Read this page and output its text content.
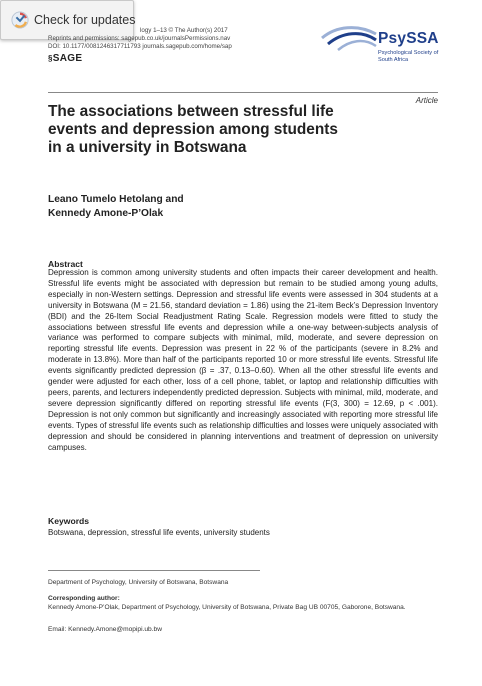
Check for updates
logy 1–13 © The Author(s) 2017
Reprints and permissions: sagepub.co.uk/journalsPermissions.nav
DOI: 10.1177/0081246317711793 journals.sagepub.com/home/sap
§SAGE
PsySSA
Psychological Society of South Africa
Article
The associations between stressful life events and depression among students in a university in Botswana
Leano Tumelo Hetolang and
Kennedy Amone-P’Olak
Abstract
Depression is common among university students and often impacts their career development and health. Stressful life events might be associated with depression but remain to be studied among young adults, especially in non-Western settings. Depression and stressful life events were assessed in 304 students at a university in Botswana (M = 21.56, standard deviation = 1.86) using the 21-item Beck’s Depression Inventory (BDI) and the 26-Item Social Readjustment Rating Scale. Regression models were fitted to study the associations between stressful life events and depression while a one-way between-subjects analysis of variance was performed to compare subjects with minimal, mild, moderate, and severe depression on reporting stressful life events. Depression was present in 22 % of the participants (severe in 8.2% and moderate in 13.8%). More than half of the participants reported 10 or more stressful life events. Stressful life events significantly predicted depression (β = .37, 0.13–0.60). When all the other stressful life events and gender were adjusted for each other, loss of a cell phone, tablet, or laptop and relationship difficulties with peers, parents, and lecturers independently predicted depression. Subjects with minimal, mild, moderate, and severe depression significantly differed on reporting stressful life events (F(3, 300) = 12.69, p < .001). Depression is not only common but significantly and increasingly associated with reporting more stressful life events. Types of stressful life events such as relationship difficulties and losses were uniquely associated with depression and should be considered in planning interventions and treatment of depression on university campuses.
Keywords
Botswana, depression, stressful life events, university students
Department of Psychology, University of Botswana, Botswana
Corresponding author:
Kennedy Amone-P’Olak, Department of Psychology, University of Botswana, Private Bag UB 00705, Gaborone, Botswana.
Email: Kennedy.Amone@mopipi.ub.bw
